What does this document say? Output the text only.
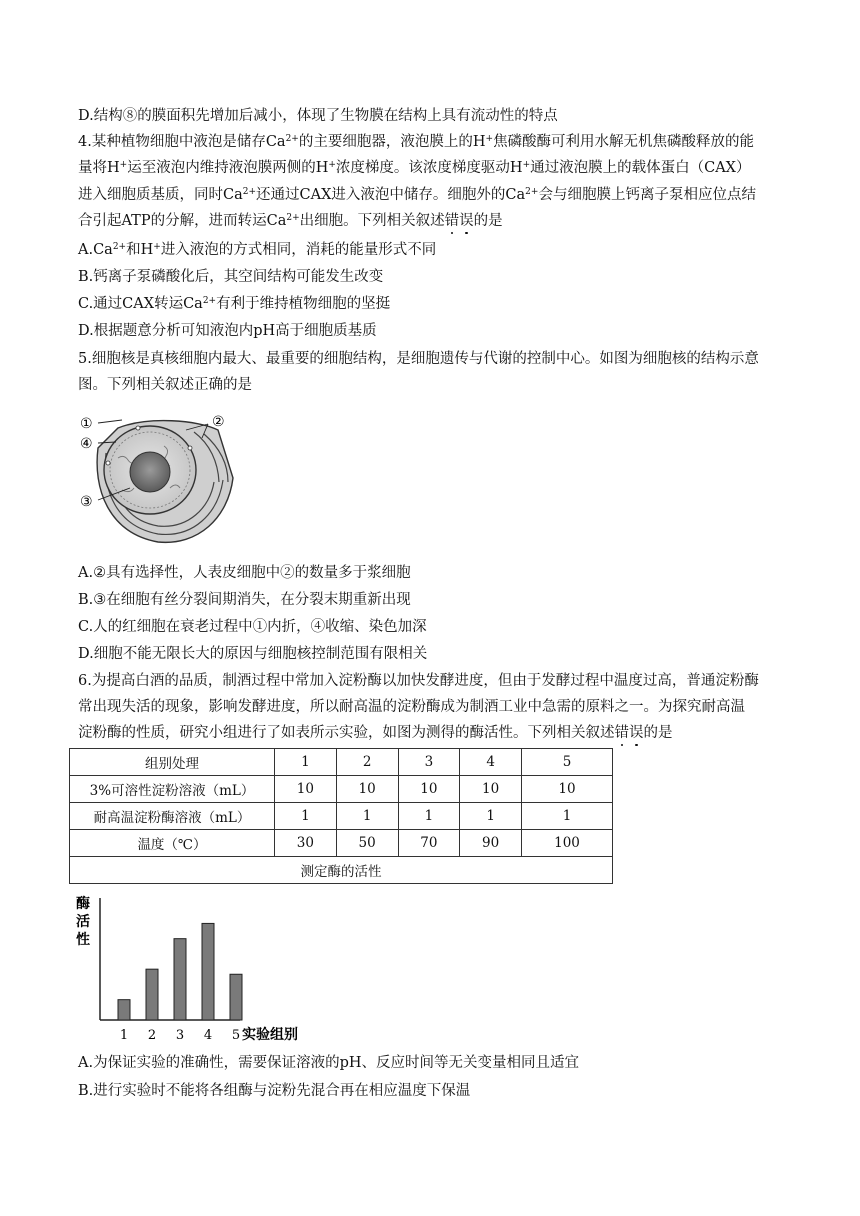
D.结构⑧的膜面积先增加后减小，体现了生物膜在结构上具有流动性的特点
4.某种植物细胞中液泡是储存$Ca^{2+}$的主要细胞器，液泡膜上的H+焦磷酸酶可利用水解无机焦磷酸释放的能
量将H+运至液泡内维持液泡膜两侧的H+浓度梯度。该浓度梯度驱动H+通过液泡膜上的载体蛋白（CAX）
进入细胞质基质，同时$Ca^{2+}$还通过CAX进入液泡中储存。细胞外的$Ca^{2+}$会与细胞膜上钙离子泵相应位点结
合引起ATP的分解，进而转运$Ca^{2+}$出细胞。下列相关叙述错误的是
$A.Ca^{2+}$和H+进入液泡的方式相同，消耗的能量形式不同
B.钙离子泵磷酸化后，其空间结构可能发生改变
C.通过CAX转运$Ca^{2+}$有利于维持植物细胞的坚挺
D.根据题意分析可知液泡内pH高于细胞质基质
5.细胞核是真核细胞内最大、最重要的细胞结构，是细胞遗传与代谢的控制中心。如图为细胞核的结构示意
图。下列相关叙述正确的是
①	②
④
③
A.②具有选择性，人表皮细胞中②的数量多于浆细胞
B.③在细胞有丝分裂间期消失，在分裂末期重新出现
C.人的红细胞在衰老过程中①内折，④收缩、染色加深
D.细胞不能无限长大的原因与细胞核控制范围有限相关
6.为提高白酒的品质，制酒过程中常加入淀粉酶以加快发酵进度，但由于发酵过程中温度过高，普通淀粉酶
常出现失活的现象，影响发酵进度，所以耐高温的淀粉酶成为制酒工业中急需的原料之一。为探究耐高温
淀粉酶的性质，研究小组进行了如表所示实验，如图为测得的酶活性。下列相关叙述错误的是
组别处理	1	2	3	4	5
3%可溶性淀粉溶液（mL）	10	10	10	10	10
耐高温淀粉酶溶液（mL）	1	1	1	1	1
温度（℃）	30	50	70	90	100
测定酶的活性					
1 2 3 4 5
酶活性
实验组别
A.为保证实验的准确性，需要保证溶液的pH、反应时间等无关变量相同且适宜
B.进行实验时不能将各组酶与淀粉先混合再在相应温度下保温
